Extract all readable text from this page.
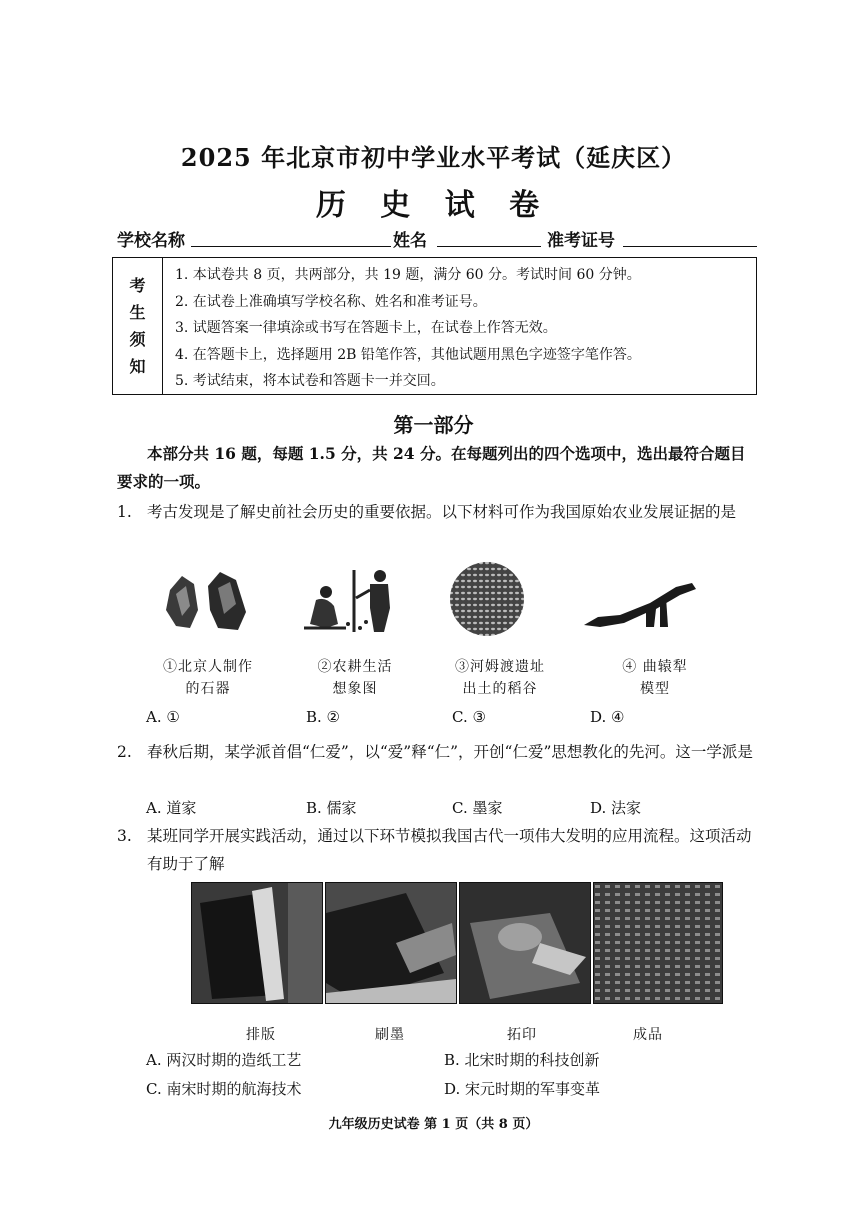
2025 年北京市初中学业水平考试（延庆区）
历 史 试 卷
学校名称	姓名	准考证号
考
生
须
知
1. 本试卷共 8 页，共两部分，共 19 题，满分 60 分。考试时间 60 分钟。
2. 在试卷上准确填写学校名称、姓名和准考证号。
3. 试题答案一律填涂或书写在答题卡上，在试卷上作答无效。
4. 在答题卡上，选择题用 2B 铅笔作答，其他试题用黑色字迹签字笔作答。
5. 考试结束，将本试卷和答题卡一并交回。
第一部分
本部分共 16 题，每题 1.5 分，共 24 分。在每题列出的四个选项中，选出最符合题目要求的一项。
1. 考古发现是了解史前社会历史的重要依据。以下材料可作为我国原始农业发展证据的是
①北京人制作
的石器
②农耕生活
想象图
③河姆渡遗址
出土的稻谷
④ 曲辕犁
模型
A. ①	B. ②	C. ③	D. ④
2. 春秋后期，某学派首倡“仁爱”，以“爱”释“仁”，开创“仁爱”思想教化的先河。这一学派是
A. 道家	B. 儒家	C. 墨家	D. 法家
3. 某班同学开展实践活动，通过以下环节模拟我国古代一项伟大发明的应用流程。这项活动有助于了解
排版	刷墨	拓印	成品
A. 两汉时期的造纸工艺	B. 北宋时期的科技创新
C. 南宋时期的航海技术	D. 宋元时期的军事变革
九年级历史试卷 第 1 页（共 8 页）
